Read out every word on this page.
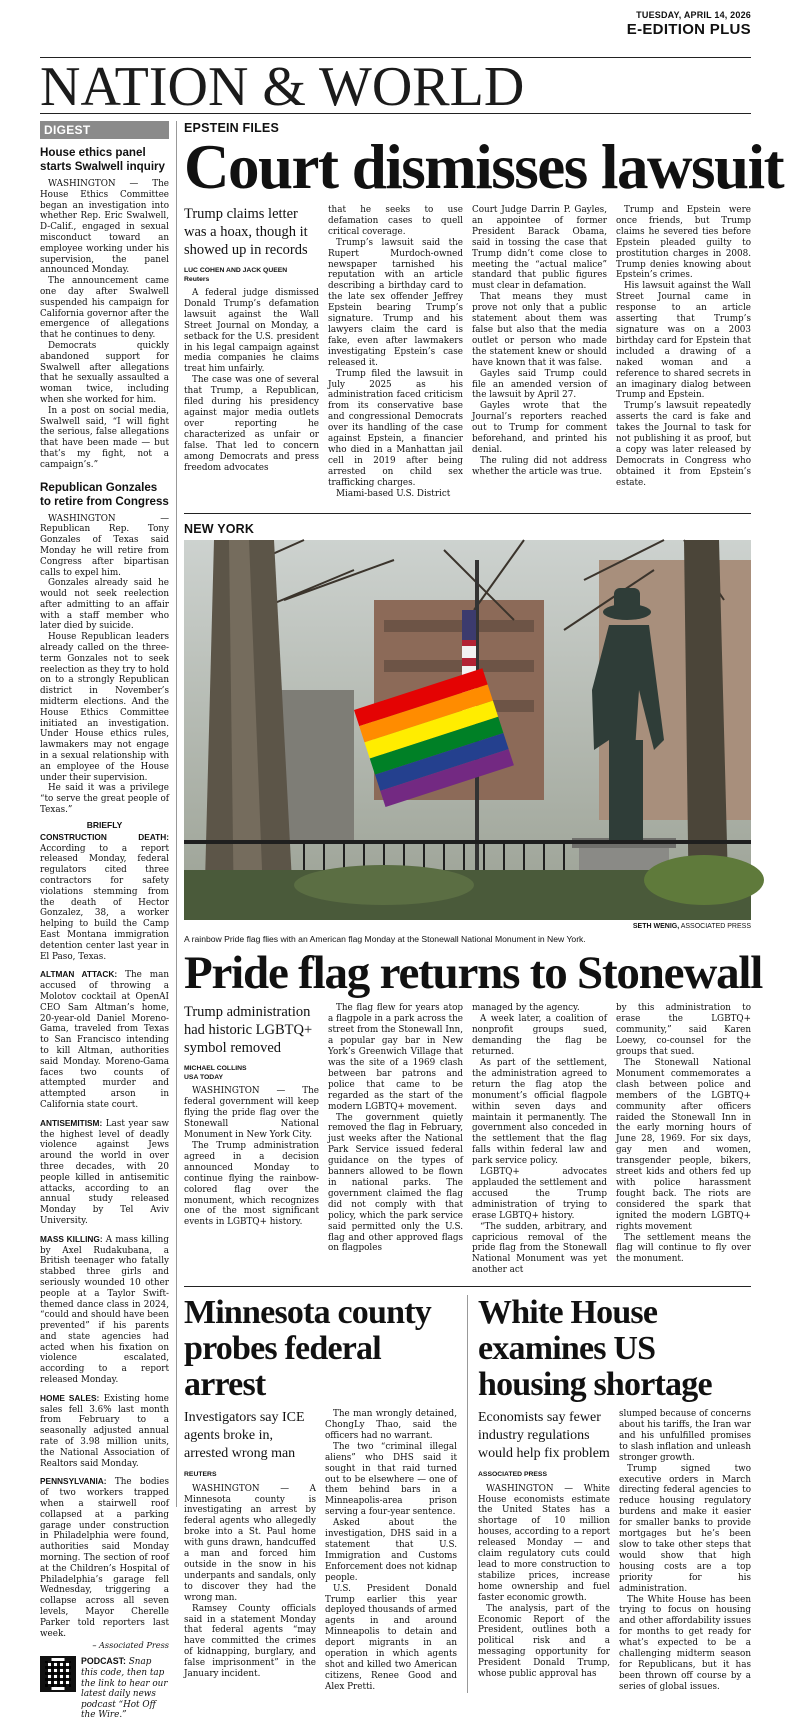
TUESDAY, APRIL 14, 2026
E-EDITION PLUS
NATION & WORLD
DIGEST
House ethics panel starts Swalwell inquiry

WASHINGTON — The House Ethics Committee began an investigation into whether Rep. Eric Swalwell, D-Calif., engaged in sexual misconduct toward an employee working under his supervision, the panel announced Monday.

The announcement came one day after Swalwell suspended his campaign for California governor after the emergence of allegations that he continues to deny.

Democrats quickly abandoned support for Swalwell after allegations that he sexually assaulted a woman twice, including when she worked for him.

In a post on social media, Swalwell said, “I will fight the serious, false allegations that have been made — but that’s my fight, not a campaign’s.”

Republican Gonzales to retire from Congress

WASHINGTON — Republican Rep. Tony Gonzales of Texas said Monday he will retire from Congress after bipartisan calls to expel him.

Gonzales already said he would not seek reelection after admitting to an affair with a staff member who later died by suicide.

House Republican leaders already called on the three-term Gonzales not to seek reelection as they try to hold on to a strongly Republican district in November’s midterm elections. And the House Ethics Committee initiated an investigation. Under House ethics rules, lawmakers may not engage in a sexual relationship with an employee of the House under their supervision.

He said it was a privilege “to serve the great people of Texas.”

BRIEFLY

CONSTRUCTION DEATH: According to a report released Monday, federal regulators cited three contractors for safety violations stemming from the death of Hector Gonzalez, 38, a worker helping to build the Camp East Montana immigration detention center last year in El Paso, Texas.

ALTMAN ATTACK: The man accused of throwing a Molotov cocktail at OpenAI CEO Sam Altman’s home, 20-year-old Daniel Moreno-Gama, traveled from Texas to San Francisco intending to kill Altman, authorities said Monday. Moreno-Gama faces two counts of attempted murder and attempted arson in California state court.

ANTISEMITISM: Last year saw the highest level of deadly violence against Jews around the world in over three decades, with 20 people killed in antisemitic attacks, according to an annual study released Monday by Tel Aviv University.

MASS KILLING: A mass killing by Axel Rudakubana, a British teenager who fatally stabbed three girls and seriously wounded 10 other people at a Taylor Swift-themed dance class in 2024, “could and should have been prevented” if his parents and state agencies had acted when his fixation on violence escalated, according to a report released Monday.

HOME SALES: Existing home sales fell 3.6% last month from February to a seasonally adjusted annual rate of 3.98 million units, the National Association of Realtors said Monday.

PENNSYLVANIA: The bodies of two workers trapped when a stairwell roof collapsed at a parking garage under construction in Philadelphia were found, authorities said Monday morning. The section of roof at the Children’s Hospital of Philadelphia’s garage fell Wednesday, triggering a collapse across all seven levels, Mayor Cherelle Parker told reporters last week.

– Associated Press
PODCAST: Snap this code, then tap the link to hear our latest daily news podcast “Hot Off the Wire.”
EPSTEIN FILES
Court dismisses lawsuit
Trump claims letter was a hoax, though it showed up in records
LUC COHEN AND JACK QUEEN
Reuters

A federal judge dismissed Donald Trump’s defamation lawsuit against the Wall Street Journal on Monday, a setback for the U.S. president in his legal campaign against media companies he claims treat him unfairly.

The case was one of several that Trump, a Republican, filed during his presidency against major media outlets over reporting he characterized as unfair or false. That led to concern among Democrats and press freedom advocates

that he seeks to use defamation cases to quell critical coverage.

Trump’s lawsuit said the Rupert Murdoch-owned newspaper tarnished his reputation with an article describing a birthday card to the late sex offender Jeffrey Epstein bearing Trump’s signature. Trump and his lawyers claim the card is fake, even after lawmakers investigating Epstein’s case released it.

Trump filed the lawsuit in July 2025 as his administration faced criticism from its conservative base and congressional Democrats over its handling of the case against Epstein, a financier who died in a Manhattan jail cell in 2019 after being arrested on child sex trafficking charges.

Miami-based U.S. District

Court Judge Darrin P. Gayles, an appointee of former President Barack Obama, said in tossing the case that Trump didn’t come close to meeting the “actual malice” standard that public figures must clear in defamation.

That means they must prove not only that a public statement about them was false but also that the media outlet or person who made the statement knew or should have known that it was false.

Gayles said Trump could file an amended version of the lawsuit by April 27.

Gayles wrote that the Journal’s reporters reached out to Trump for comment beforehand, and printed his denial.

The ruling did not address whether the article was true.

Trump and Epstein were once friends, but Trump claims he severed ties before Epstein pleaded guilty to prostitution charges in 2008. Trump denies knowing about Epstein’s crimes.

His lawsuit against the Wall Street Journal came in response to an article asserting that Trump’s signature was on a 2003 birthday card for Epstein that included a drawing of a naked woman and a reference to shared secrets in an imaginary dialog between Trump and Epstein.

Trump’s lawsuit repeatedly asserts the card is fake and takes the Journal to task for not publishing it as proof, but a copy was later released by Democrats in Congress who obtained it from Epstein’s estate.

NEW YORK
SETH WENIG, ASSOCIATED PRESS
A rainbow Pride flag flies with an American flag Monday at the Stonewall National Monument in New York.
Pride flag returns to Stonewall
Trump administration had historic LGBTQ+ symbol removed
MICHAEL COLLINS
USA TODAY

WASHINGTON — The federal government will keep flying the pride flag over the Stonewall National Monument in New York City.

The Trump administration agreed in a decision announced Monday to continue flying the rainbow-colored flag over the monument, which recognizes one of the most significant events in LGBTQ+ history.

The flag flew for years atop a flagpole in a park across the street from the Stonewall Inn, a popular gay bar in New York’s Greenwich Village that was the site of a 1969 clash between bar patrons and police that came to be regarded as the start of the modern LGBTQ+ movement.

The government quietly removed the flag in February, just weeks after the National Park Service issued federal guidance on the types of banners allowed to be flown in national parks. The government claimed the flag did not comply with that policy, which the park service said permitted only the U.S. flag and other approved flags on flagpoles

managed by the agency.

A week later, a coalition of nonprofit groups sued, demanding the flag be returned.

As part of the settlement, the administration agreed to return the flag atop the monument’s official flagpole within seven days and maintain it permanently. The government also conceded in the settlement that the flag falls within federal law and park service policy.

LGBTQ+ advocates applauded the settlement and accused the Trump administration of trying to erase LGBTQ+ history.

“The sudden, arbitrary, and capricious removal of the pride flag from the Stonewall National Monument was yet another act

by this administration to erase the LGBTQ+ community,” said Karen Loewy, co-counsel for the groups that sued.

The Stonewall National Monument commemorates a clash between police and members of the LGBTQ+ community after officers raided the Stonewall Inn in the early morning hours of June 28, 1969. For six days, gay men and women, transgender people, bikers, street kids and others fed up with police harassment fought back. The riots are considered the spark that ignited the modern LGBTQ+ rights movement

The settlement means the flag will continue to fly over the monument.

Minnesota county probes federal arrest
Investigators say ICE agents broke in, arrested wrong man
REUTERS

WASHINGTON — A Minnesota county is investigating an arrest by federal agents who allegedly broke into a St. Paul home with guns drawn, handcuffed a man and forced him outside in the snow in his underpants and sandals, only to discover they had the wrong man.

Ramsey County officials said in a statement Monday that federal agents “may have committed the crimes of kidnapping, burglary, and false imprisonment” in the January incident.

The man wrongly detained, ChongLy Thao, said the officers had no warrant.

The two “criminal illegal aliens” who DHS said it sought in that raid turned out to be elsewhere — one of them behind bars in a Minneapolis-area prison serving a four-year sentence.

Asked about the investigation, DHS said in a statement that U.S. Immigration and Customs Enforcement does not kidnap people.

U.S. President Donald Trump earlier this year deployed thousands of armed agents in and around Minneapolis to detain and deport migrants in an operation in which agents shot and killed two American citizens, Renee Good and Alex Pretti.

White House examines US housing shortage
Economists say fewer industry regulations would help fix problem
ASSOCIATED PRESS

WASHINGTON — White House economists estimate the United States has a shortage of 10 million houses, according to a report released Monday — and claim regulatory cuts could lead to more construction to stabilize prices, increase home ownership and fuel faster economic growth.

The analysis, part of the Economic Report of the President, outlines both a political risk and a messaging opportunity for President Donald Trump, whose public approval has

slumped because of concerns about his tariffs, the Iran war and his unfulfilled promises to slash inflation and unleash stronger growth.

Trump signed two executive orders in March directing federal agencies to reduce housing regulatory burdens and make it easier for smaller banks to provide mortgages but he’s been slow to take other steps that would show that high housing costs are a top priority for his administration.

The White House has been trying to focus on housing and other affordability issues for months to get ready for what’s expected to be a challenging midterm season for Republicans, but it has been thrown off course by a series of global issues.
